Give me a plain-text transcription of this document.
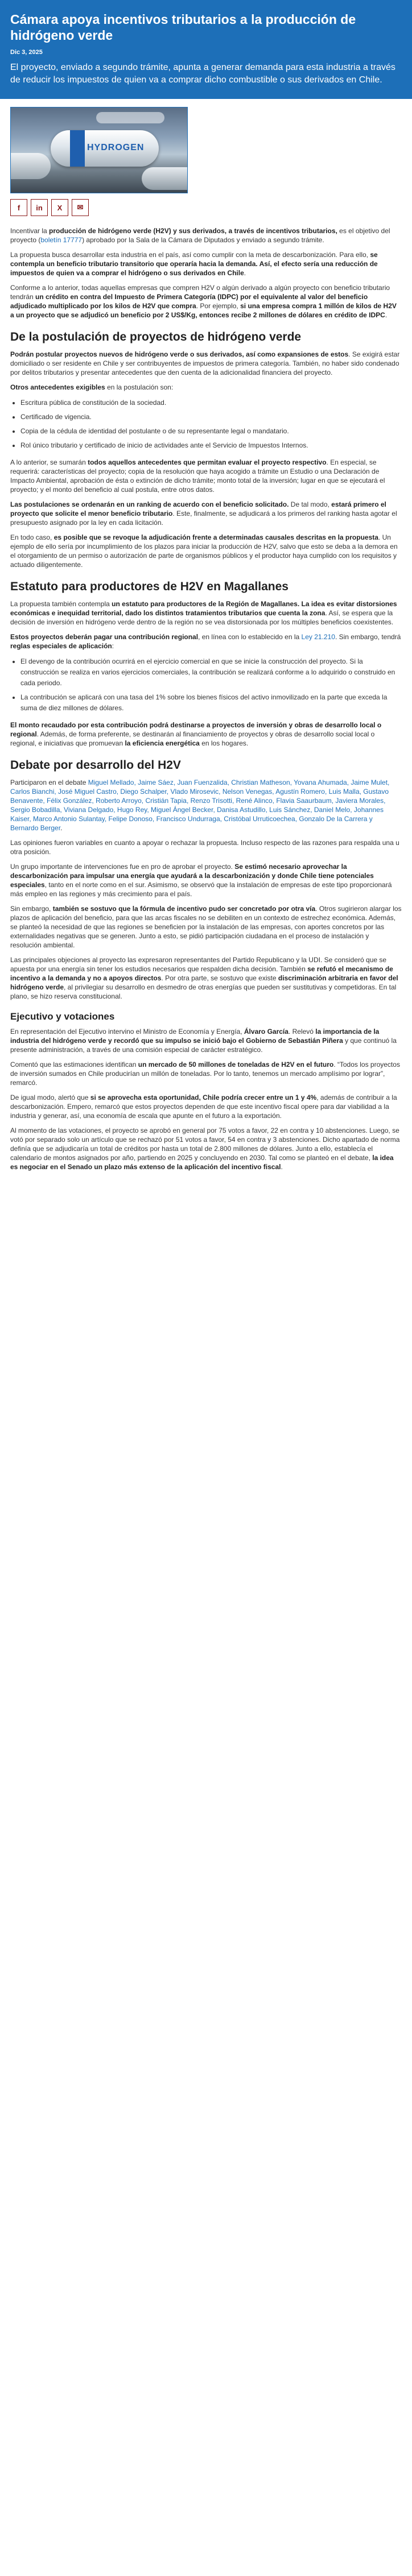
Cámara apoya incentivos tributarios a la producción de hidrógeno verde
Dic 3, 2025

El proyecto, enviado a segundo trámite, apunta a generar demanda para esta industria a través de reducir los impuestos de quien va a comprar dicho combustible o sus derivados en Chile.

HYDROGEN
f in X ✉

Incentivar la producción de hidrógeno verde (H2V) y sus derivados, a través de incentivos tributarios, es el objetivo del proyecto (boletín 17777) aprobado por la Sala de la Cámara de Diputados y enviado a segundo trámite.

La propuesta busca desarrollar esta industria en el país, así como cumplir con la meta de descarbonización. Para ello, se contempla un beneficio tributario transitorio que operaría hacia la demanda. Así, el efecto sería una reducción de impuestos de quien va a comprar el hidrógeno o sus derivados en Chile.

Conforme a lo anterior, todas aquellas empresas que compren H2V o algún derivado a algún proyecto con beneficio tributario tendrán un crédito en contra del Impuesto de Primera Categoría (IDPC) por el equivalente al valor del beneficio adjudicado multiplicado por los kilos de H2V que compra. Por ejemplo, si una empresa compra 1 millón de kilos de H2V a un proyecto que se adjudicó un beneficio por 2 US$/Kg, entonces recibe 2 millones de dólares en crédito de IDPC.

De la postulación de proyectos de hidrógeno verde

Podrán postular proyectos nuevos de hidrógeno verde o sus derivados, así como expansiones de estos. Se exigirá estar domiciliado o ser residente en Chile y ser contribuyentes de impuestos de primera categoría. También, no haber sido condenado por delitos tributarios y presentar antecedentes que den cuenta de la adicionalidad financiera del proyecto.

Otros antecedentes exigibles en la postulación son:

• Escritura pública de constitución de la sociedad.
• Certificado de vigencia.
• Copia de la cédula de identidad del postulante o de su representante legal o mandatario.
• Rol único tributario y certificado de inicio de actividades ante el Servicio de Impuestos Internos.

A lo anterior, se sumarán todos aquellos antecedentes que permitan evaluar el proyecto respectivo. En especial, se requerirá: características del proyecto; copia de la resolución que haya acogido a trámite un Estudio o una Declaración de Impacto Ambiental, aprobación de ésta o extinción de dicho trámite; monto total de la inversión; lugar en que se ejecutará el proyecto; y el monto del beneficio al cual postula, entre otros datos.

Las postulaciones se ordenarán en un ranking de acuerdo con el beneficio solicitado. De tal modo, estará primero el proyecto que solicite el menor beneficio tributario. Este, finalmente, se adjudicará a los primeros del ranking hasta agotar el presupuesto asignado por la ley en cada licitación.

En todo caso, es posible que se revoque la adjudicación frente a determinadas causales descritas en la propuesta. Un ejemplo de ello sería por incumplimiento de los plazos para iniciar la producción de H2V, salvo que esto se deba a la demora en el otorgamiento de un permiso o autorización de parte de organismos públicos y el productor haya cumplido con los requisitos y actuado diligentemente.

Estatuto para productores de H2V en Magallanes

La propuesta también contempla un estatuto para productores de la Región de Magallanes. La idea es evitar distorsiones económicas e inequidad territorial, dado los distintos tratamientos tributarios que cuenta la zona. Así, se espera que la decisión de inversión en hidrógeno verde dentro de la región no se vea distorsionada por los múltiples beneficios coexistentes.

Estos proyectos deberán pagar una contribución regional, en línea con lo establecido en la Ley 21.210. Sin embargo, tendrá reglas especiales de aplicación:

• El devengo de la contribución ocurrirá en el ejercicio comercial en que se inicie la construcción del proyecto. Si la construcción se realiza en varios ejercicios comerciales, la contribución se realizará conforme a lo adquirido o construido en cada periodo.
• La contribución se aplicará con una tasa del 1% sobre los bienes físicos del activo inmovilizado en la parte que exceda la suma de diez millones de dólares.

El monto recaudado por esta contribución podrá destinarse a proyectos de inversión y obras de desarrollo local o regional. Además, de forma preferente, se destinarán al financiamiento de proyectos y obras de desarrollo social local o regional, e iniciativas que promuevan la eficiencia energética en los hogares.

Debate por desarrollo del H2V

Participaron en el debate Miguel Mellado, Jaime Sáez, Juan Fuenzalida, Christian Matheson, Yovana Ahumada, Jaime Mulet, Carlos Bianchi, José Miguel Castro, Diego Schalper, Vlado Mirosevic, Nelson Venegas, Agustín Romero, Luis Malla, Gustavo Benavente, Félix González, Roberto Arroyo, Cristián Tapia, Renzo Trisotti, René Alinco, Flavia Saaurbaum, Javiera Morales, Sergio Bobadilla, Viviana Delgado, Hugo Rey, Miguel Ángel Becker, Danisa Astudillo, Luis Sánchez, Daniel Melo, Johannes Kaiser, Marco Antonio Sulantay, Felipe Donoso, Francisco Undurraga, Cristóbal Urruticoechea, Gonzalo De la Carrera y Bernardo Berger.

Las opiniones fueron variables en cuanto a apoyar o rechazar la propuesta. Incluso respecto de las razones para respalda una u otra posición.

Un grupo importante de intervenciones fue en pro de aprobar el proyecto. Se estimó necesario aprovechar la descarbonización para impulsar una energía que ayudará a la descarbonización y donde Chile tiene potenciales especiales, tanto en el norte como en el sur. Asimismo, se observó que la instalación de empresas de este tipo proporcionará más empleo en las regiones y más crecimiento para el país.

Sin embargo, también se sostuvo que la fórmula de incentivo pudo ser concretado por otra vía. Otros sugirieron alargar los plazos de aplicación del beneficio, para que las arcas fiscales no se debiliten en un contexto de estrechez económica. Además, se planteó la necesidad de que las regiones se beneficien por la instalación de las empresas, con aportes concretos por las externalidades negativas que se generen. Junto a esto, se pidió participación ciudadana en el proceso de instalación y resolución ambiental.

Las principales objeciones al proyecto las expresaron representantes del Partido Republicano y la UDI. Se consideró que se apuesta por una energía sin tener los estudios necesarios que respalden dicha decisión. También se refutó el mecanismo de incentivo a la demanda y no a apoyos directos. Por otra parte, se sostuvo que existe discriminación arbitraria en favor del hidrógeno verde, al privilegiar su desarrollo en desmedro de otras energías que pueden ser sustitutivas y competidoras. En tal plano, se hizo reserva constitucional.

Ejecutivo y votaciones

En representación del Ejecutivo intervino el Ministro de Economía y Energía, Álvaro García. Relevó la importancia de la industria del hidrógeno verde y recordó que su impulso se inició bajo el Gobierno de Sebastián Piñera y que continuó la presente administración, a través de una comisión especial de carácter estratégico.

Comentó que las estimaciones identifican un mercado de 50 millones de toneladas de H2V en el futuro. “Todos los proyectos de inversión sumados en Chile producirían un millón de toneladas. Por lo tanto, tenemos un mercado amplísimo por lograr”, remarcó.

De igual modo, alertó que si se aprovecha esta oportunidad, Chile podría crecer entre un 1 y 4%, además de contribuir a la descarbonización. Empero, remarcó que estos proyectos dependen de que este incentivo fiscal opere para dar viabilidad a la industria y generar, así, una economía de escala que apunte en el futuro a la exportación.

Al momento de las votaciones, el proyecto se aprobó en general por 75 votos a favor, 22 en contra y 10 abstenciones. Luego, se votó por separado solo un artículo que se rechazó por 51 votos a favor, 54 en contra y 3 abstenciones. Dicho apartado de norma definía que se adjudicaría un total de créditos por hasta un total de 2.800 millones de dólares. Junto a ello, establecía el calendario de montos asignados por año, partiendo en 2025 y concluyendo en 2030. Tal como se planteó en el debate, la idea es negociar en el Senado un plazo más extenso de la aplicación del incentivo fiscal.
